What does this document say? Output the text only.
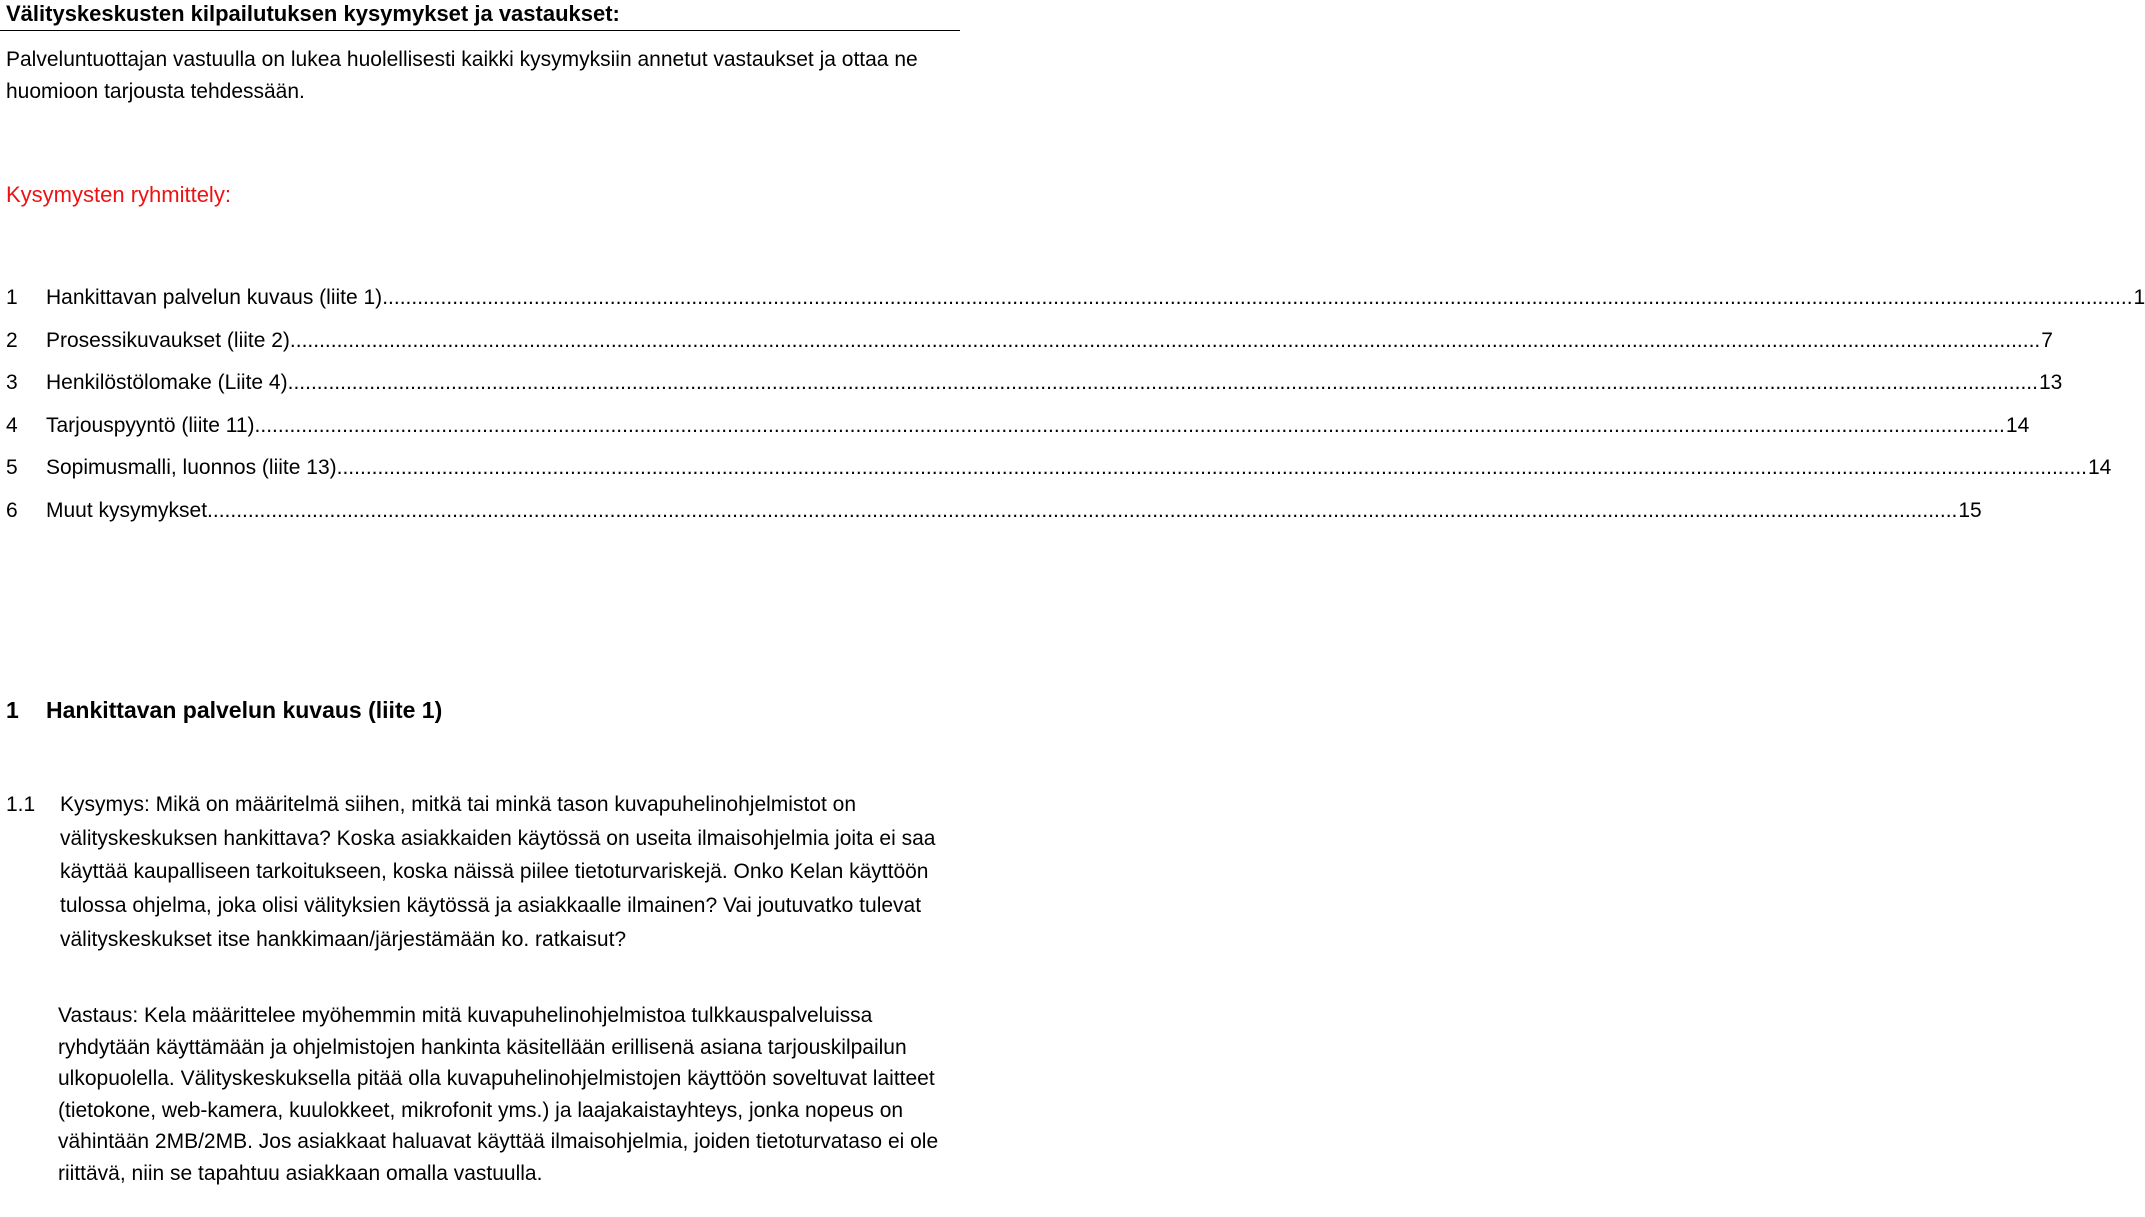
Välityskeskusten kilpailutuksen kysymykset ja vastaukset:
Palveluntuottajan vastuulla on lukea huolellisesti kaikki kysymyksiin annetut vastaukset ja ottaa ne huomioon tarjousta tehdessään.
Kysymysten ryhmittely:
1	Hankittavan palvelun kuvaus (liite 1) ............................................................................................................................................................................................................................................................................................................ 1
2	Prosessikuvaukset (liite 2) ............................................................................................................................................................................................................................................................................................................ 7
3	Henkilöstölomake (Liite 4) ............................................................................................................................................................................................................................................................................................................ 13
4	Tarjouspyyntö (liite 11) ............................................................................................................................................................................................................................................................................................................ 14
5	Sopimusmalli, luonnos (liite 13) ............................................................................................................................................................................................................................................................................................................ 14
6	Muut kysymykset ............................................................................................................................................................................................................................................................................................................ 15
1 Hankittavan palvelun kuvaus (liite 1)
1.1	Kysymys: Mikä on määritelmä siihen, mitkä tai minkä tason kuvapuhelinohjelmistot on välityskeskuksen hankittava? Koska asiakkaiden käytössä on useita ilmaisohjelmia joita ei saa käyttää kaupalliseen tarkoitukseen, koska näissä piilee tietoturvariskejä. Onko Kelan käyttöön tulossa ohjelma, joka olisi välityksien käytössä ja asiakkaalle ilmainen? Vai joutuvatko tulevat välityskeskukset itse hankkimaan/järjestämään ko. ratkaisut?
Vastaus: Kela määrittelee myöhemmin mitä kuvapuhelinohjelmistoa tulkkauspalveluissa ryhdytään käyttämään ja ohjelmistojen hankinta käsitellään erillisenä asiana tarjouskilpailun ulkopuolella. Välityskeskuksella pitää olla kuvapuhelinohjelmistojen käyttöön soveltuvat laitteet (tietokone, web-kamera, kuulokkeet, mikrofonit yms.) ja laajakaistayhteys, jonka nopeus on vähintään 2MB/2MB. Jos asiakkaat haluavat käyttää ilmaisohjelmia, joiden tietoturvataso ei ole riittävä, niin se tapahtuu asiakkaan omalla vastuulla.
